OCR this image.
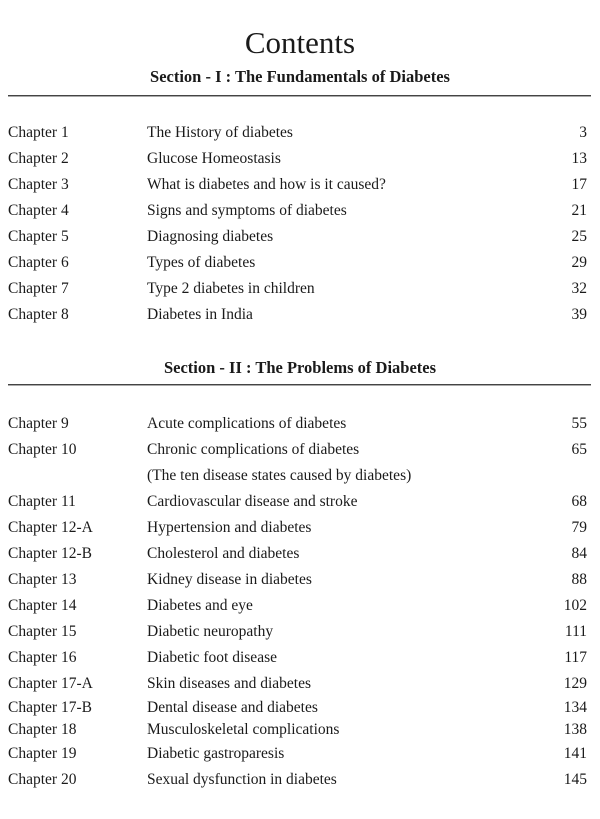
Contents
Section - I : The Fundamentals of Diabetes
Chapter 1	The History of diabetes	3
Chapter 2	Glucose Homeostasis	13
Chapter 3	What is diabetes and how is it caused?	17
Chapter 4	Signs and symptoms of diabetes	21
Chapter 5	Diagnosing diabetes	25
Chapter 6	Types of diabetes	29
Chapter 7	Type 2 diabetes in children	32
Chapter 8	Diabetes in India	39
Section - II : The Problems of Diabetes
Chapter 9	Acute complications of diabetes	55
Chapter 10	Chronic complications of diabetes	65
(The ten disease states caused by diabetes)
Chapter 11	Cardiovascular disease and stroke	68
Chapter 12-A	Hypertension and diabetes	79
Chapter 12-B	Cholesterol and diabetes	84
Chapter 13	Kidney disease in diabetes	88
Chapter 14	Diabetes and eye	102
Chapter 15	Diabetic neuropathy	111
Chapter 16	Diabetic foot disease	117
Chapter 17-A	Skin diseases and diabetes	129
Chapter 17-B	Dental disease and diabetes	134
Chapter 18	Musculoskeletal complications	138
Chapter 19	Diabetic gastroparesis	141
Chapter 20	Sexual dysfunction in diabetes	145
